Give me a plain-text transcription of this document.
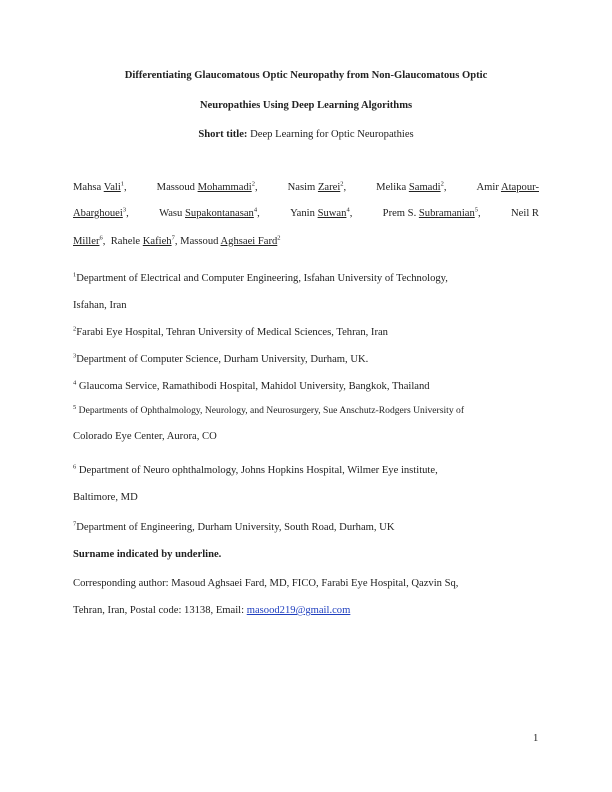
Differentiating Glaucomatous Optic Neuropathy from Non-Glaucomatous Optic
Neuropathies Using Deep Learning Algorithms
Short title: Deep Learning for Optic Neuropathies
Mahsa Vali$^1$,	Massoud Mohammadi$^2$,	Nasim Zarei$^2$,	Melika Samadi$^2$,	Amir Atapour-
Abarghouei$^3$,	Wasu Supakontanasan$^4$,	Yanin Suwan$^4$,	Prem S. Subramanian$^5$,	Neil R
Miller$^6$, Rahele Kafieh$^7$, Massoud Aghsaei Fard$^2$
$^1$Department of Electrical and Computer Engineering, Isfahan University of Technology,
Isfahan, Iran
$^2$Farabi Eye Hospital, Tehran University of Medical Sciences, Tehran, Iran
$^3$Department of Computer Science, Durham University, Durham, UK.
$^4$ Glaucoma Service, Ramathibodi Hospital, Mahidol University, Bangkok, Thailand
$^5$ Departments of Ophthalmology, Neurology, and Neurosurgery, Sue Anschutz-Rodgers University of
Colorado Eye Center, Aurora, CO
$^6$ Department of Neuro ophthalmology, Johns Hopkins Hospital, Wilmer Eye institute,
Baltimore, MD
$^7$Department of Engineering, Durham University, South Road, Durham, UK
Surname indicated by underline.
Corresponding author: Masoud Aghsaei Fard, MD, FICO, Farabi Eye Hospital, Qazvin Sq,
Tehran, Iran, Postal code: 13138, Email: masood219@gmail.com
1
